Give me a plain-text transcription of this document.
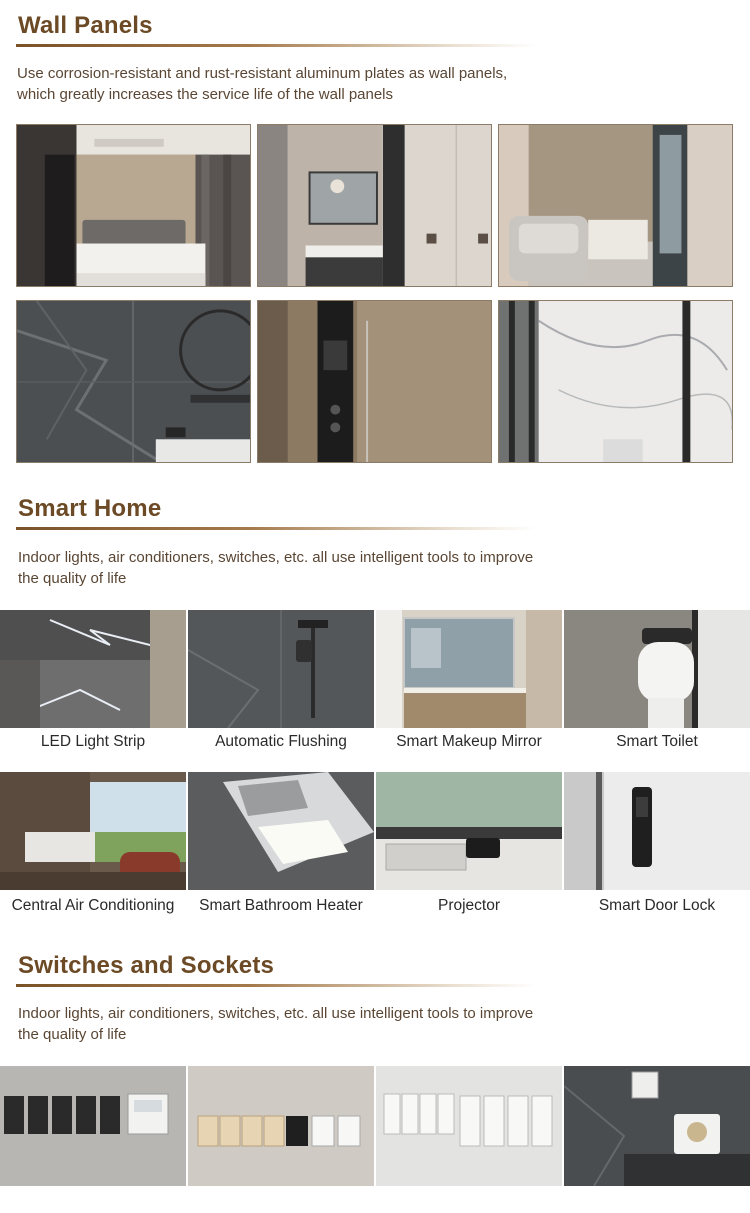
Wall Panels

Use corrosion-resistant and rust-resistant aluminum plates as wall panels,
which greatly increases the service life of the wall panels

Smart Home

Indoor lights, air conditioners, switches, etc. all use intelligent tools to improve
the quality of life

LED Light Strip	Automatic Flushing	Smart Makeup Mirror	Smart Toilet
Central Air Conditioning	Smart Bathroom Heater	Projector	Smart Door Lock
Switches and Sockets

Indoor lights, air conditioners, switches, etc. all use intelligent tools to improve
the quality of life
